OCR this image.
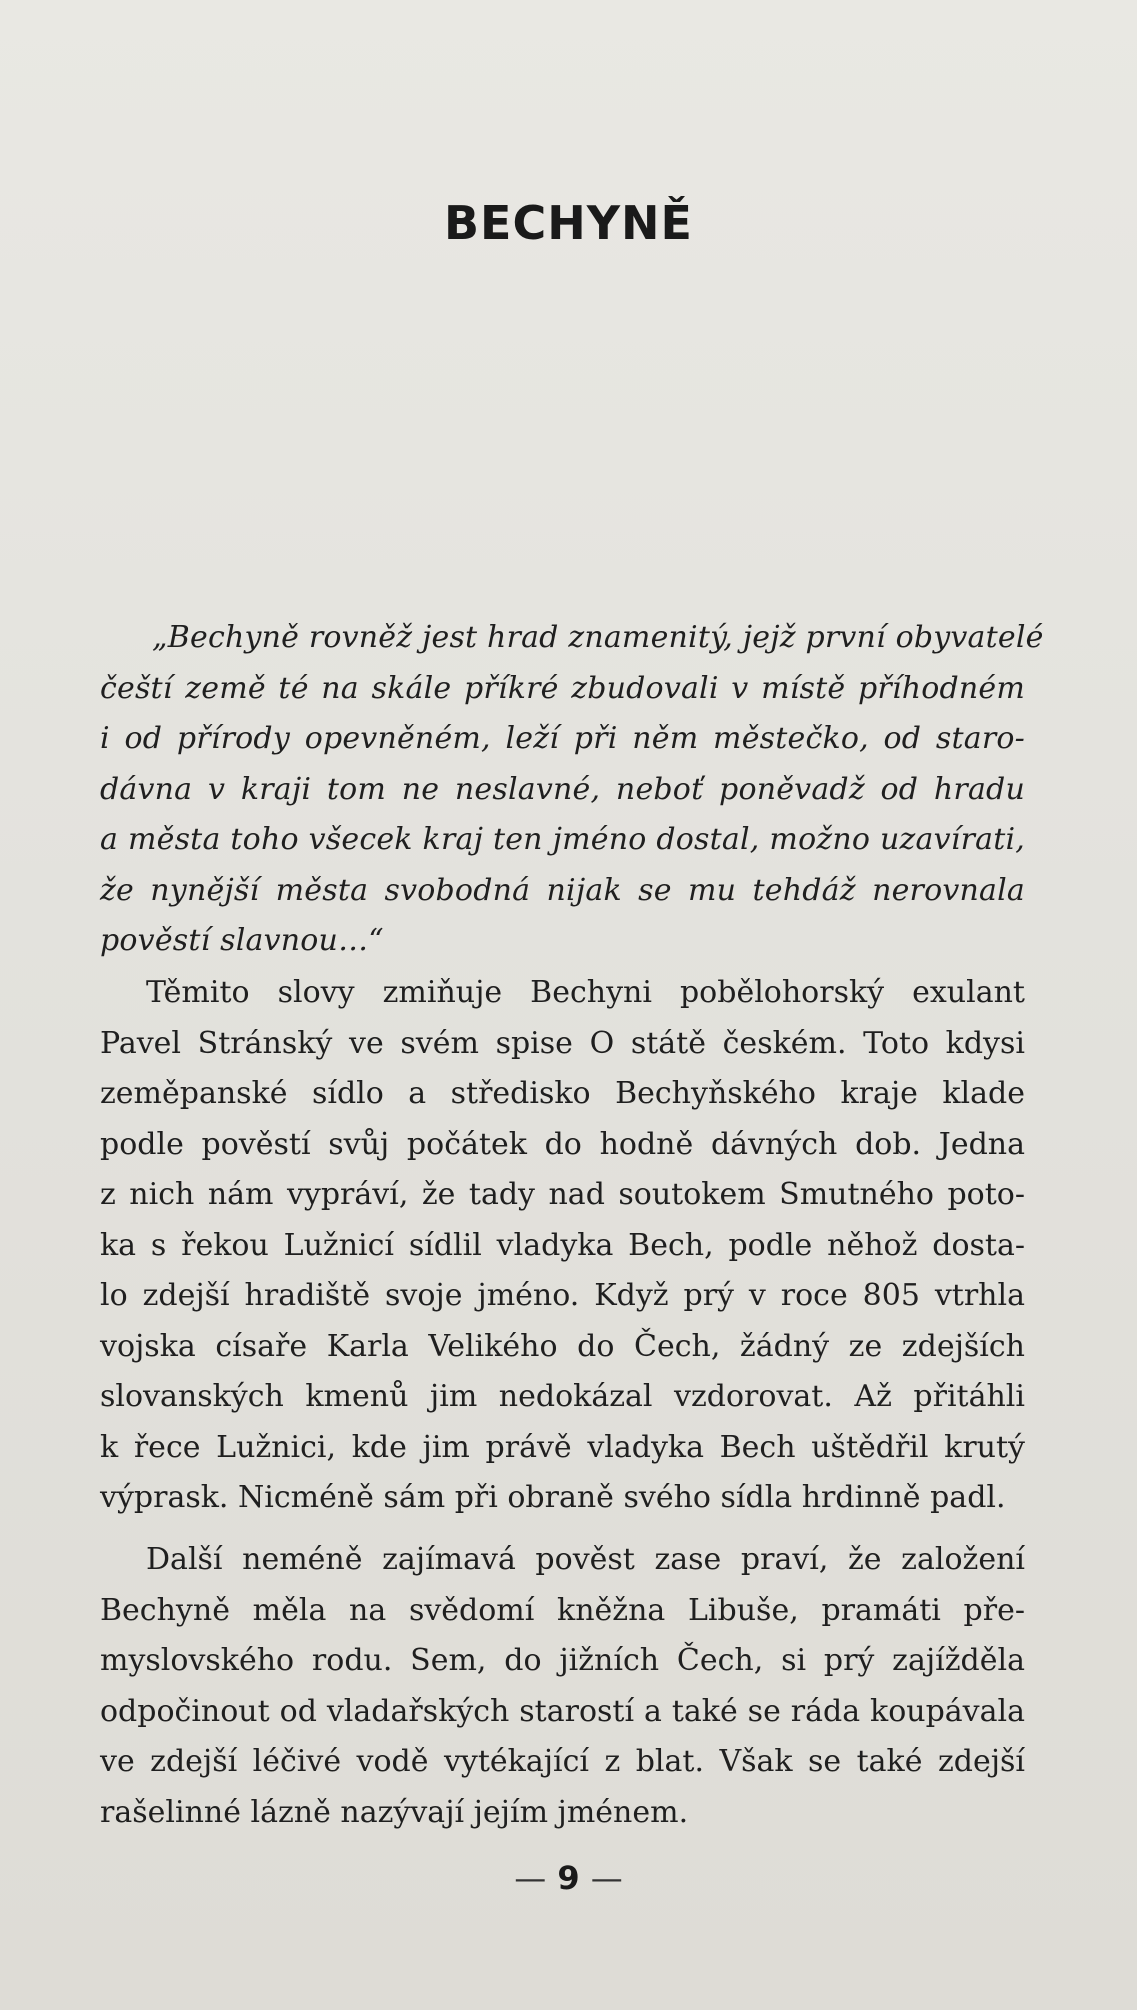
BECHYNĚ
„Bechyně rovněž jest hrad znamenitý, jejž první obyvatelé
čeští země té na skále příkré zbudovali v místě příhodném
i od přírody opevněném, leží při něm městečko, od staro-
dávna v kraji tom ne neslavné, neboť poněvadž od hradu
a města toho všecek kraj ten jméno dostal, možno uzavírati,
že nynější města svobodná nijak se mu tehdáž nerovnala
pověstí slavnou…“
Těmito slovy zmiňuje Bechyni pobělohorský exulant
Pavel Stránský ve svém spise O státě českém. Toto kdysi
zeměpanské sídlo a středisko Bechyňského kraje klade
podle pověstí svůj počátek do hodně dávných dob. Jedna
z nich nám vypráví, že tady nad soutokem Smutného poto-
ka s řekou Lužnicí sídlil vladyka Bech, podle něhož dosta-
lo zdejší hradiště svoje jméno. Když prý v roce 805 vtrhla
vojska císaře Karla Velikého do Čech, žádný ze zdejších
slovanských kmenů jim nedokázal vzdorovat. Až přitáhli
k řece Lužnici, kde jim právě vladyka Bech uštědřil krutý
výprask. Nicméně sám při obraně svého sídla hrdinně padl.
Další neméně zajímavá pověst zase praví, že založení
Bechyně měla na svědomí kněžna Libuše, pramáti pře-
myslovského rodu. Sem, do jižních Čech, si prý zajížděla
odpočinout od vladařských starostí a také se ráda koupávala
ve zdejší léčivé vodě vytékající z blat. Však se také zdejší
rašelinné lázně nazývají jejím jménem.
— 9 —
